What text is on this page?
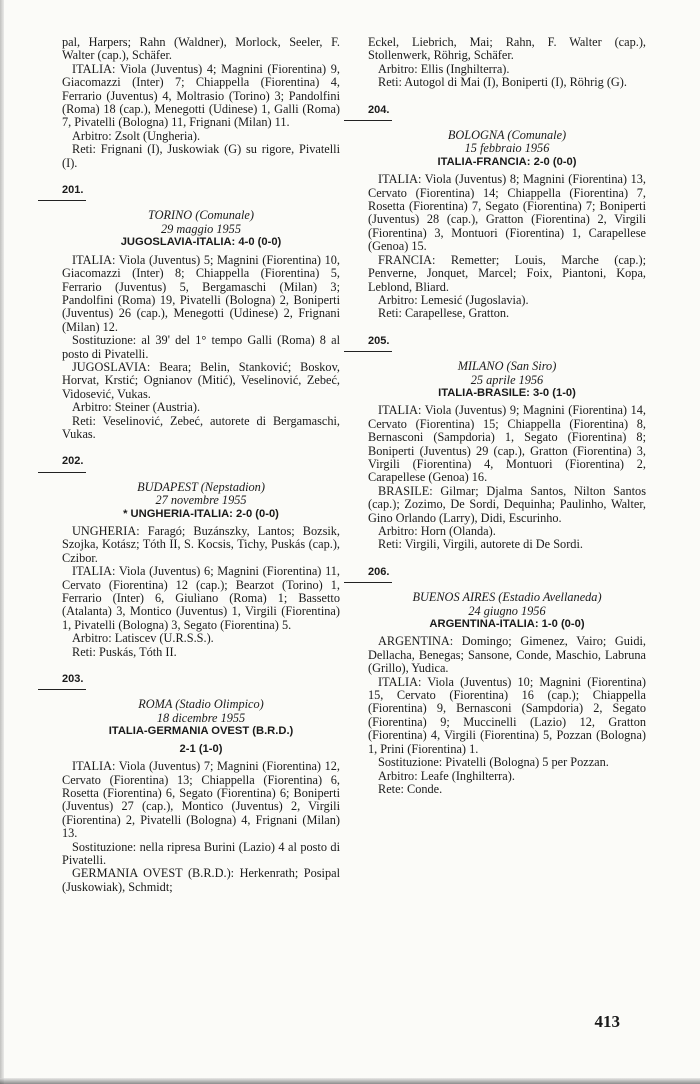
pal, Harpers; Rahn (Waldner), Morlock, Seeler, F. Walter (cap.), Schäfer.

ITALIA: Viola (Juventus) 4; Magnini (Fiorentina) 9, Giacomazzi (Inter) 7; Chiappella (Fiorentina) 4, Ferrario (Juventus) 4, Moltrasio (Torino) 3; Pandolfini (Roma) 18 (cap.), Menegotti (Udinese) 1, Galli (Roma) 7, Pivatelli (Bologna) 11, Frignani (Milan) 11.

Arbitro: Zsolt (Ungheria).

Reti: Frignani (I), Juskowiak (G) su rigore, Pivatelli (I).

201.
TORINO (Comunale)
29 maggio 1955
JUGOSLAVIA-ITALIA: 4-0 (0-0)

ITALIA: Viola (Juventus) 5; Magnini (Fiorentina) 10, Giacomazzi (Inter) 8; Chiappella (Fiorentina) 5, Ferrario (Juventus) 5, Bergamaschi (Milan) 3; Pandolfini (Roma) 19, Pivatelli (Bologna) 2, Boniperti (Juventus) 26 (cap.), Menegotti (Udinese) 2, Frignani (Milan) 12.

Sostituzione: al 39' del 1° tempo Galli (Roma) 8 al posto di Pivatelli.

JUGOSLAVIA: Beara; Belin, Stanković; Boskov, Horvat, Krstić; Ognianov (Mitić), Veselinović, Zebeć, Vidosević, Vukas.

Arbitro: Steiner (Austria).

Reti: Veselinović, Zebeć, autorete di Bergamaschi, Vukas.

202.
BUDAPEST (Nepstadion)
27 novembre 1955
* UNGHERIA-ITALIA: 2-0 (0-0)

UNGHERIA: Faragó; Buzánszky, Lantos; Bozsik, Szojka, Kotász; Tóth II, S. Kocsis, Tichy, Puskás (cap.), Czibor.

ITALIA: Viola (Juventus) 6; Magnini (Fiorentina) 11, Cervato (Fiorentina) 12 (cap.); Bearzot (Torino) 1, Ferrario (Inter) 6, Giuliano (Roma) 1; Bassetto (Atalanta) 3, Montico (Juventus) 1, Virgili (Fiorentina) 1, Pivatelli (Bologna) 3, Segato (Fiorentina) 5.

Arbitro: Latiscev (U.R.S.S.).

Reti: Puskás, Tóth II.

203.
ROMA (Stadio Olimpico)
18 dicembre 1955
ITALIA-GERMANIA OVEST (B.R.D.)
2-1 (1-0)

ITALIA: Viola (Juventus) 7; Magnini (Fiorentina) 12, Cervato (Fiorentina) 13; Chiappella (Fiorentina) 6, Rosetta (Fiorentina) 6, Segato (Fiorentina) 6; Boniperti (Juventus) 27 (cap.), Montico (Juventus) 2, Virgili (Fiorentina) 2, Pivatelli (Bologna) 4, Frignani (Milan) 13.

Sostituzione: nella ripresa Burini (Lazio) 4 al posto di Pivatelli.

GERMANIA OVEST (B.R.D.): Herkenrath; Posipal (Juskowiak), Schmidt;

Eckel, Liebrich, Mai; Rahn, F. Walter (cap.), Stollenwerk, Röhrig, Schäfer.

Arbitro: Ellis (Inghilterra).

Reti: Autogol di Mai (I), Boniperti (I), Röhrig (G).

204.
BOLOGNA (Comunale)
15 febbraio 1956
ITALIA-FRANCIA: 2-0 (0-0)

ITALIA: Viola (Juventus) 8; Magnini (Fiorentina) 13, Cervato (Fiorentina) 14; Chiappella (Fiorentina) 7, Rosetta (Fiorentina) 7, Segato (Fiorentina) 7; Boniperti (Juventus) 28 (cap.), Gratton (Fiorentina) 2, Virgili (Fiorentina) 3, Montuori (Fiorentina) 1, Carapellese (Genoa) 15.

FRANCIA: Remetter; Louis, Marche (cap.); Penverne, Jonquet, Marcel; Foix, Piantoni, Kopa, Leblond, Bliard.

Arbitro: Lemesić (Jugoslavia).

Reti: Carapellese, Gratton.

205.
MILANO (San Siro)
25 aprile 1956
ITALIA-BRASILE: 3-0 (1-0)

ITALIA: Viola (Juventus) 9; Magnini (Fiorentina) 14, Cervato (Fiorentina) 15; Chiappella (Fiorentina) 8, Bernasconi (Sampdoria) 1, Segato (Fiorentina) 8; Boniperti (Juventus) 29 (cap.), Gratton (Fiorentina) 3, Virgili (Fiorentina) 4, Montuori (Fiorentina) 2, Carapellese (Genoa) 16.

BRASILE: Gilmar; Djalma Santos, Nilton Santos (cap.); Zozimo, De Sordi, Dequinha; Paulinho, Walter, Gino Orlando (Larry), Didi, Escurinho.

Arbitro: Horn (Olanda).

Reti: Virgili, Virgili, autorete di De Sordi.

206.
BUENOS AIRES (Estadio Avellaneda)
24 giugno 1956
ARGENTINA-ITALIA: 1-0 (0-0)

ARGENTINA: Domingo; Gimenez, Vairo; Guidi, Dellacha, Benegas; Sansone, Conde, Maschio, Labruna (Grillo), Yudica.

ITALIA: Viola (Juventus) 10; Magnini (Fiorentina) 15, Cervato (Fiorentina) 16 (cap.); Chiappella (Fiorentina) 9, Bernasconi (Sampdoria) 2, Segato (Fiorentina) 9; Muccinelli (Lazio) 12, Gratton (Fiorentina) 4, Virgili (Fiorentina) 5, Pozzan (Bologna) 1, Prini (Fiorentina) 1.

Sostituzione: Pivatelli (Bologna) 5 per Pozzan.

Arbitro: Leafe (Inghilterra).

Rete: Conde.

413
